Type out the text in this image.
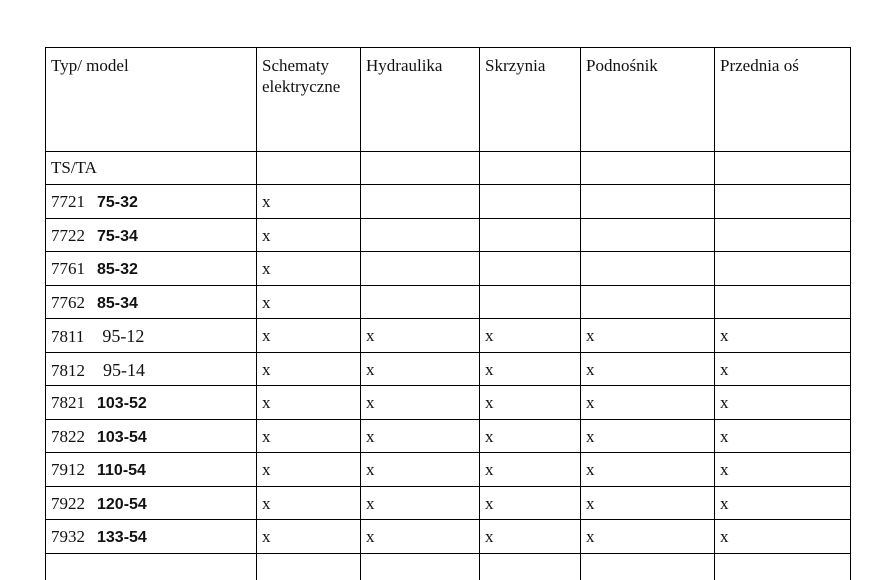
Typ/ model	Schematy elektryczne	Hydraulika	Skrzynia	Podnośnik	Przednia oś
TS/TA					
7721 75-32	x				
7722 75-34	x				
7761 85-32	x				
7762 85-34	x				
7811 95-12	x	x	x	x	x
7812 95-14	x	x	x	x	x
7821 103-52	x	x	x	x	x
7822 103-54	x	x	x	x	x
7912 110-54	x	x	x	x	x
7922 120-54	x	x	x	x	x
7932 133-54	x	x	x	x	x
